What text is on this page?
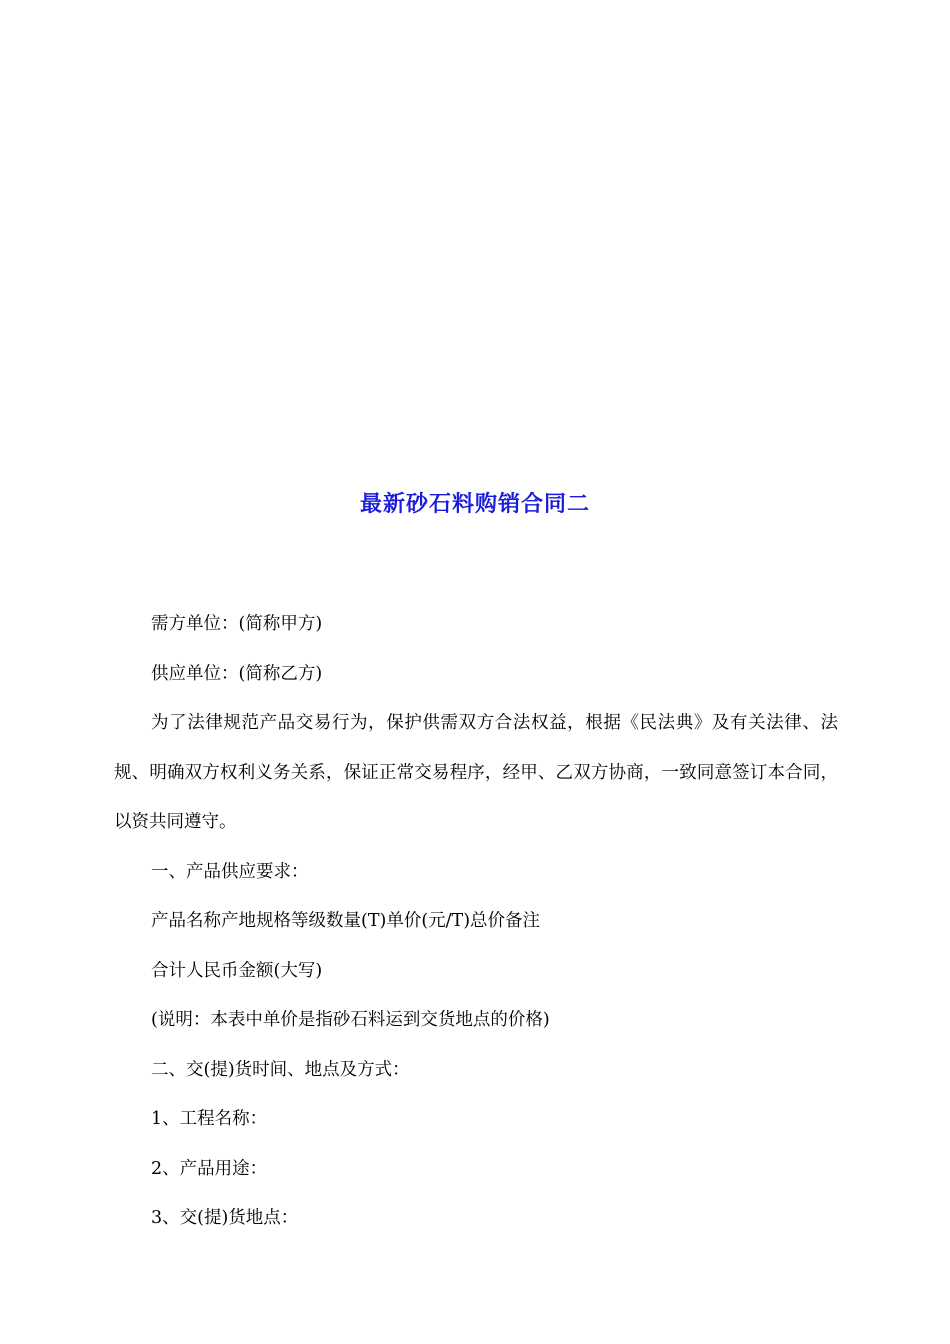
最新砂石料购销合同二

需方单位：(简称甲方)

供应单位：(简称乙方)

为了法律规范产品交易行为，保护供需双方合法权益，根据《民法典》及有关法律、法规、明确双方权利义务关系，保证正常交易程序，经甲、乙双方协商，一致同意签订本合同，以资共同遵守。

一、产品供应要求：

产品名称产地规格等级数量(T)单价(元/T)总价备注

合计人民币金额(大写)

(说明：本表中单价是指砂石料运到交货地点的价格)

二、交(提)货时间、地点及方式：

1、工程名称：

2、产品用途：

3、交(提)货地点：
